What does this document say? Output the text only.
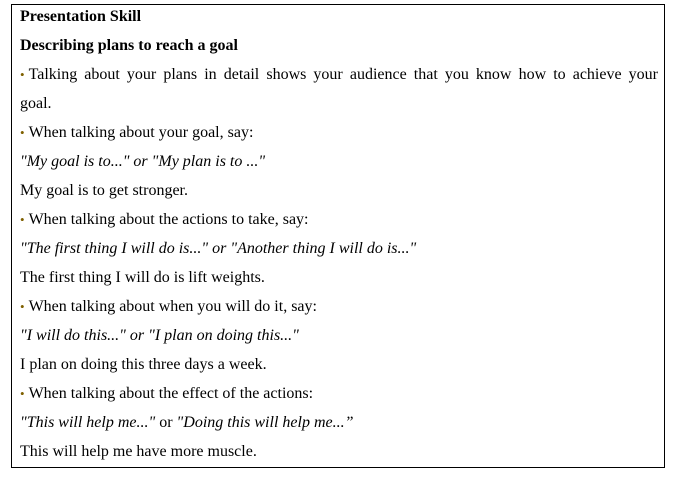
Presentation Skill
Describing plans to reach a goal
• Talking about your plans in detail shows your audience that you know how to achieve your
goal.
• When talking about your goal, say:
"My goal is to..." or "My plan is to ..."
My goal is to get stronger.
• When talking about the actions to take, say:
"The first thing I will do is..." or "Another thing I will do is..."
The first thing I will do is lift weights.
• When talking about when you will do it, say:
"I will do this..." or "I plan on doing this..."
I plan on doing this three days a week.
• When talking about the effect of the actions:
"This will help me..." or "Doing this will help me...”
This will help me have more muscle.
